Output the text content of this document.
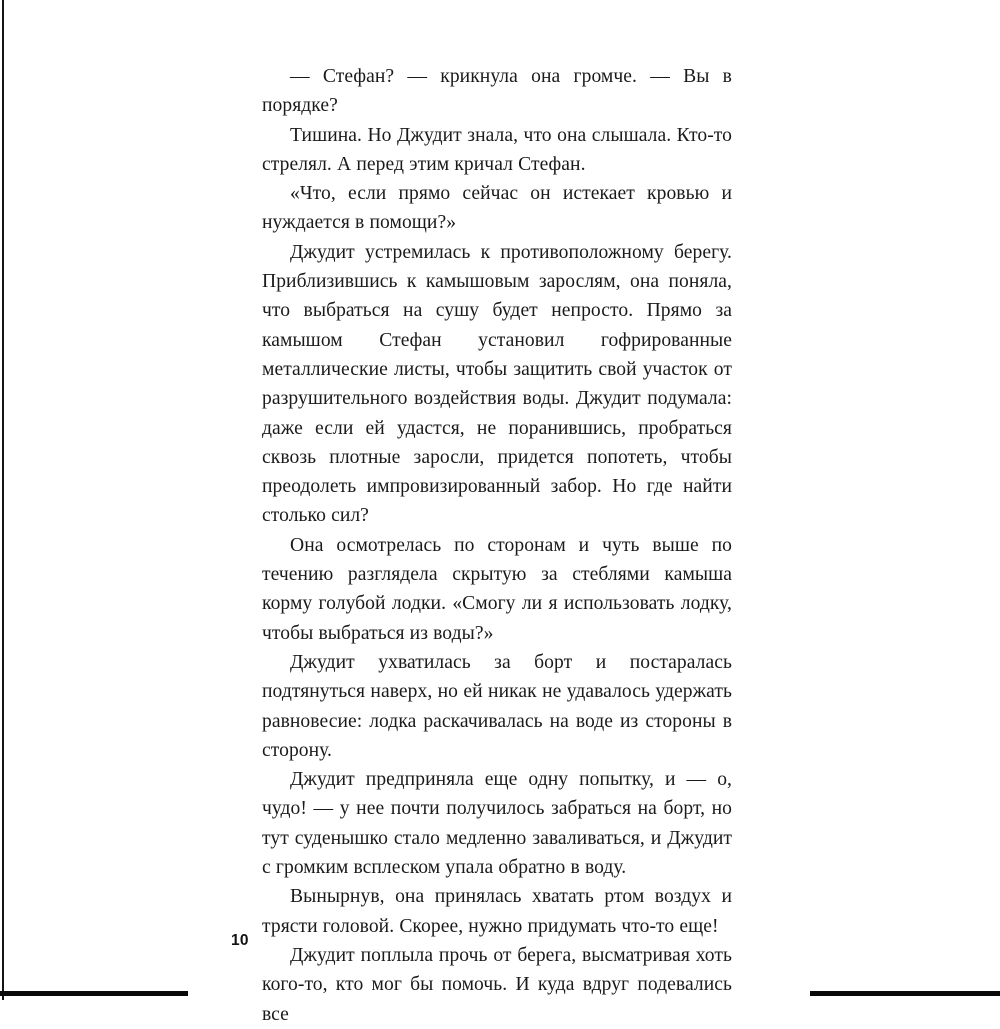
— Стефан? — крикнула она громче. — Вы в порядке?

Тишина. Но Джудит знала, что она слышала. Кто-то стрелял. А перед этим кричал Стефан.

«Что, если прямо сейчас он истекает кровью и нуждается в помощи?»

Джудит устремилась к противоположному берегу. Приблизившись к камышовым зарослям, она поняла, что выбраться на сушу будет непросто. Прямо за камышом Стефан установил гофрированные металлические листы, чтобы защитить свой участок от разрушительного воздействия воды. Джудит подумала: даже если ей удастся, не поранившись, пробраться сквозь плотные заросли, придется попотеть, чтобы преодолеть импровизированный забор. Но где найти столько сил?

Она осмотрелась по сторонам и чуть выше по течению разглядела скрытую за стеблями камыша корму голубой лодки. «Смогу ли я использовать лодку, чтобы выбраться из воды?»

Джудит ухватилась за борт и постаралась подтянуться наверх, но ей никак не удавалось удержать равновесие: лодка раскачивалась на воде из стороны в сторону.

Джудит предприняла еще одну попытку, и — о, чудо! — у нее почти получилось забраться на борт, но тут суденышко стало медленно заваливаться, и Джудит с громким всплеском упала обратно в воду.

Вынырнув, она принялась хватать ртом воздух и трясти головой. Скорее, нужно придумать что-то еще!

Джудит поплыла прочь от берега, высматривая хоть кого-то, кто мог бы помочь. И куда вдруг подевались все

10
